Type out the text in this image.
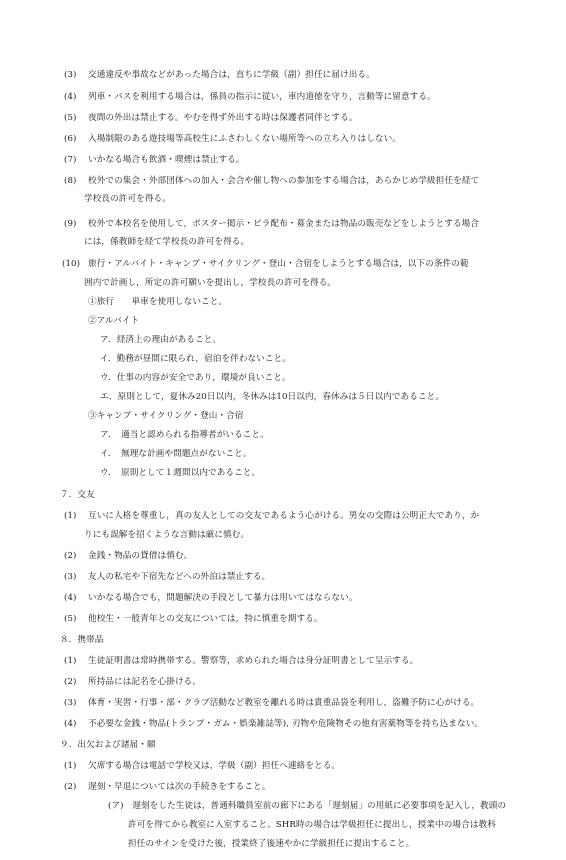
(3) 交通違反や事故などがあった場合は，直ちに学級（副）担任に届け出る。
(4) 列車・バスを利用する場合は，係員の指示に従い，車内道徳を守り，言動等に留意する。
(5) 夜間の外出は禁止する。やむを得ず外出する時は保護者同伴とする。
(6) 入場制限のある遊技場等高校生にふさわしくない場所等への立ち入りはしない。
(7) いかなる場合も飲酒・喫煙は禁止する。
(8) 校外での集会・外部団体への加入・会合や催し物への参加をする場合は，あらかじめ学級担任を経て
学校長の許可を得る。
(9) 校外で本校名を使用して，ポスター掲示・ビラ配布・募金または物品の販売などをしようとする場合
には，係教師を経て学校長の許可を得る。
(10) 旅行・アルバイト・キャンプ・サイクリング・登山・合宿をしようとする場合は，以下の条件の範
囲内で計画し，所定の許可願いを提出し，学校長の許可を得る。
①旅行　　単車を使用しないこと。
②アルバイト
ア．経済上の理由があること。
イ．勤務が昼間に限られ，宿泊を伴わないこと。
ウ．仕事の内容が安全であり，環境が良いこと。
エ．原則として，夏休み20日以内，冬休みは10日以内，春休みは５日以内であること。
③キャンプ・サイクリング・登山・合宿
ア．　適当と認められる指導者がいること。
イ．　無理な計画や問題点がないこと。
ウ．　原則として１週間以内であること。
７．交友
(1) 互いに人格を尊重し，真の友人としての交友であるよう心がける。男女の交際は公明正大であり，か
りにも誤解を招くような言動は厳に慎む。
(2) 金銭・物品の貸借は慎む。
(3) 友人の私宅や下宿先などへの外泊は禁止する。
(4) いかなる場合でも，問題解決の手段として暴力は用いてはならない。
(5) 他校生・一般青年との交友については，特に慎重を期する。
８．携帯品
(1) 生徒証明書は常時携帯する。警察等，求められた場合は身分証明書として呈示する。
(2) 所持品には記名を心掛ける。
(3) 体育・実習・行事・部・クラブ活動など教室を離れる時は貴重品袋を利用し，盗難予防に心がける。
(4) 不必要な金銭・物品(トランプ・ガム・娯楽雑誌等), 刃物や危険物その他有害薬物等を持ち込まない。
９．出欠および諸届・願
(1) 欠席する場合は電話で学校又は，学級（副）担任へ連絡をとる。
(2) 遅刻・早退については次の手続きをすること。
(ア)　遅刻をした生徒は，普通科職員室前の廊下にある「遅刻届」の用紙に必要事項を記入し，教頭の
許可を得てから教室に入室すること。SHR時の場合は学級担任に提出し，授業中の場合は教科
担任のサインを受けた後，授業終了後速やかに学級担任に提出すること。
